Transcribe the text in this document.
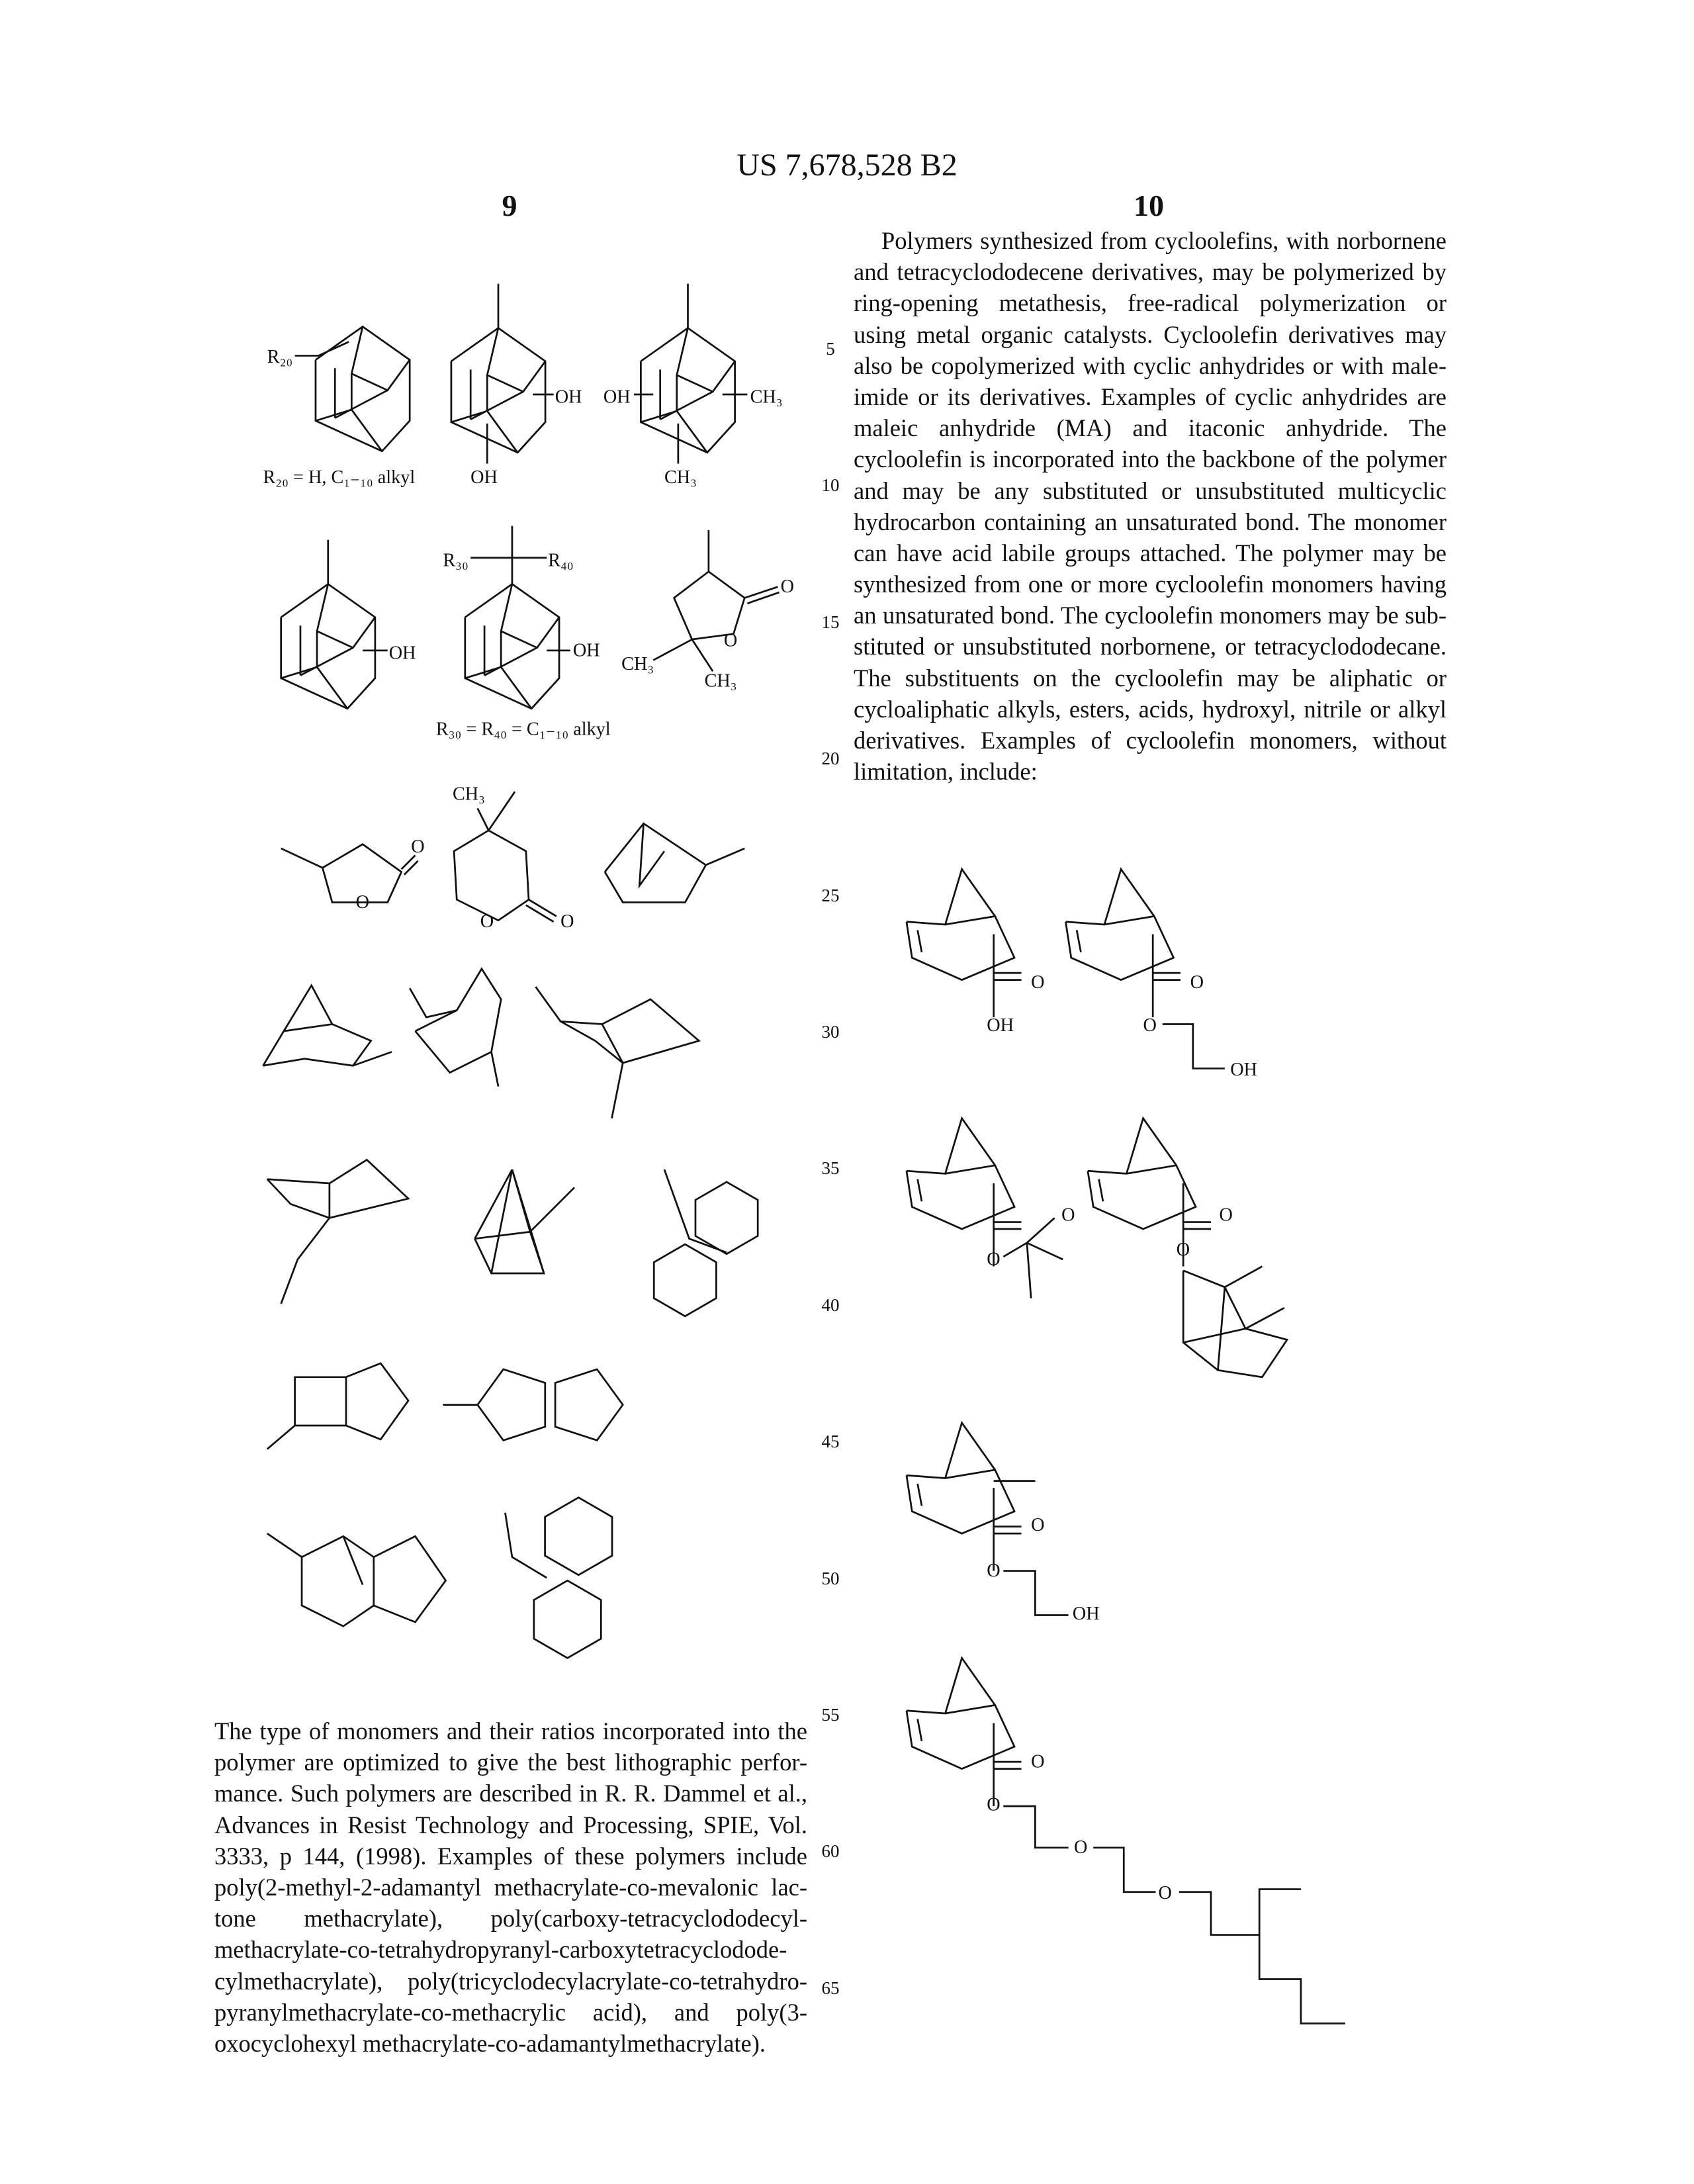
US 7,678,528 B2
9	10
Polymers synthesized from cycloolefins, with norbornene
and tetracyclododecene derivatives, may be polymerized by
ring-opening metathesis, free-radical polymerization or
using metal organic catalysts. Cycloolefin derivatives may
also be copolymerized with cyclic anhydrides or with male-
imide or its derivatives. Examples of cyclic anhydrides are
maleic anhydride (MA) and itaconic anhydride. The
cycloolefin is incorporated into the backbone of the polymer
and may be any substituted or unsubstituted multicyclic
hydrocarbon containing an unsaturated bond. The monomer
can have acid labile groups attached. The polymer may be
synthesized from one or more cycloolefin monomers having
an unsaturated bond. The cycloolefin monomers may be sub-
stituted or unsubstituted norbornene, or tetracyclododecane.
The substituents on the cycloolefin may be aliphatic or
cycloaliphatic alkyls, esters, acids, hydroxyl, nitrile or alkyl
derivatives. Examples of cycloolefin monomers, without
limitation, include:
The type of monomers and their ratios incorporated into the
polymer are optimized to give the best lithographic perfor-
mance. Such polymers are described in R. R. Dammel et al.,
Advances in Resist Technology and Processing, SPIE, Vol.
3333, p 144, (1998). Examples of these polymers include
poly(2-methyl-2-adamantyl methacrylate-co-mevalonic lac-
tone methacrylate), poly(carboxy-tetracyclododecyl-
methacrylate-co-tetrahydropyranyl-carboxytetracyclodode-
cylmethacrylate), poly(tricyclodecylacrylate-co-tetrahydro-
pyranylmethacrylate-co-methacrylic acid), and poly(3-
oxocyclohexyl methacrylate-co-adamantylmethacrylate).
5
10
15
20
25
30
35
40
45
50
55
60
65
R₂₀
R₂₀ = H, C₁₋₁₀ alkyl
OH
OH
OH	CH₃
CH₃
OH
R₃₀	R₄₀
OH
R₃₀ = R₄₀ = C₁₋₁₀ alkyl
O
O
CH₃
CH₃
O
O
CH₃
O	O
O
OH
O
O
OH
O
O
O
O
O
O
OH
O
O
O
O
